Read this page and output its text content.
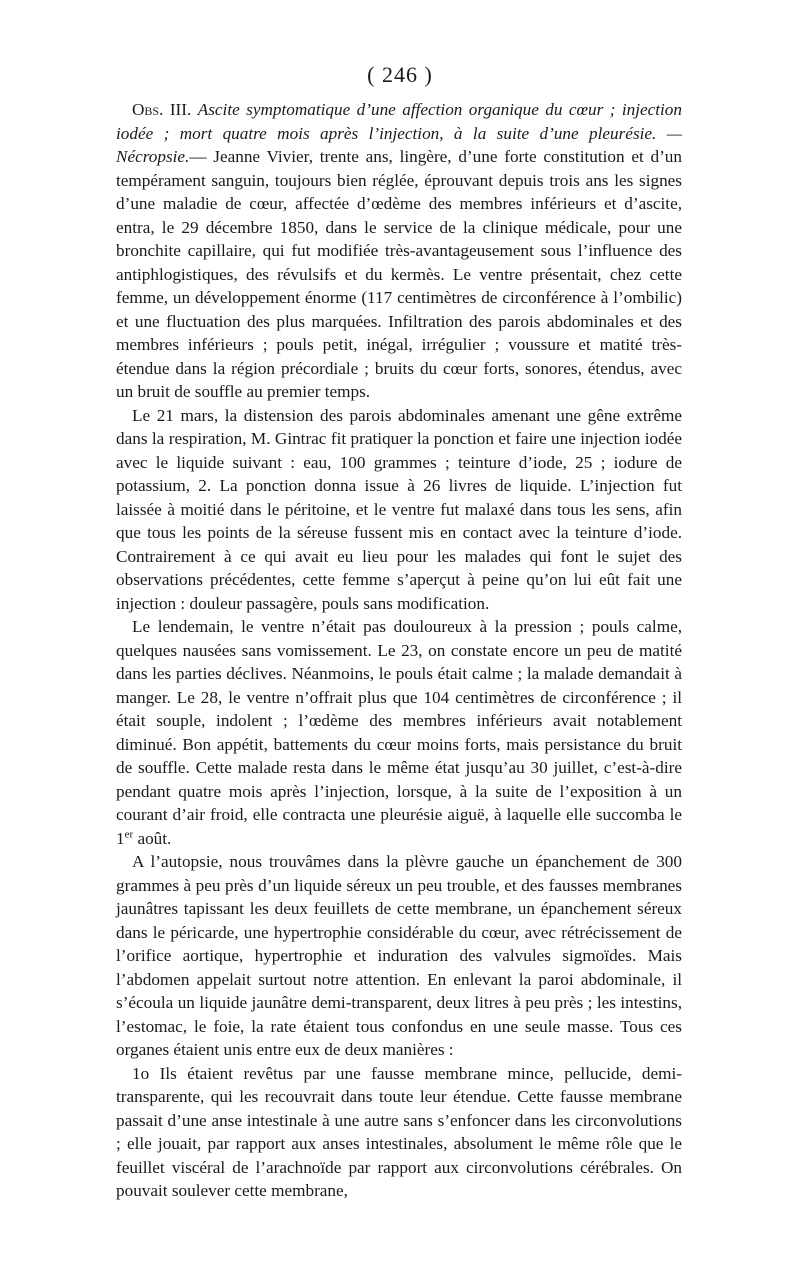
( 246 )

Obs. III. Ascite symptomatique d’une affection organique du cœur ; injection iodée ; mort quatre mois après l’injection, à la suite d’une pleurésie. — Nécropsie.— Jeanne Vivier, trente ans, lingère, d’une forte constitution et d’un tempérament sanguin, toujours bien réglée, éprouvant depuis trois ans les signes d’une maladie de cœur, affectée d’œdème des membres inférieurs et d’ascite, entra, le 29 décembre 1850, dans le service de la clinique médicale, pour une bronchite capillaire, qui fut modifiée très-avantageusement sous l’influence des antiphlogistiques, des révulsifs et du kermès. Le ventre présentait, chez cette femme, un développement énorme (117 centimètres de circonférence à l’ombilic) et une fluctuation des plus marquées. Infiltration des parois abdominales et des membres inférieurs ; pouls petit, inégal, irrégulier ; voussure et matité très-étendue dans la région précordiale ; bruits du cœur forts, sonores, étendus, avec un bruit de souffle au premier temps.

Le 21 mars, la distension des parois abdominales amenant une gêne extrême dans la respiration, M. Gintrac fit pratiquer la ponction et faire une injection iodée avec le liquide suivant : eau, 100 grammes ; teinture d’iode, 25 ; iodure de potassium, 2. La ponction donna issue à 26 livres de liquide. L’injection fut laissée à moitié dans le péritoine, et le ventre fut malaxé dans tous les sens, afin que tous les points de la séreuse fussent mis en contact avec la teinture d’iode. Contrairement à ce qui avait eu lieu pour les malades qui font le sujet des observations précédentes, cette femme s’aperçut à peine qu’on lui eût fait une injection : douleur passagère, pouls sans modification.

Le lendemain, le ventre n’était pas douloureux à la pression ; pouls calme, quelques nausées sans vomissement. Le 23, on constate encore un peu de matité dans les parties déclives. Néanmoins, le pouls était calme ; la malade demandait à manger. Le 28, le ventre n’offrait plus que 104 centimètres de circonférence ; il était souple, indolent ; l’œdème des membres inférieurs avait notablement diminué. Bon appétit, battements du cœur moins forts, mais persistance du bruit de souffle. Cette malade resta dans le même état jusqu’au 30 juillet, c’est-à-dire pendant quatre mois après l’injection, lorsque, à la suite de l’exposition à un courant d’air froid, elle contracta une pleurésie aiguë, à laquelle elle succomba le 1er août.

A l’autopsie, nous trouvâmes dans la plèvre gauche un épanchement de 300 grammes à peu près d’un liquide séreux un peu trouble, et des fausses membranes jaunâtres tapissant les deux feuillets de cette membrane, un épanchement séreux dans le péricarde, une hypertrophie considérable du cœur, avec rétrécissement de l’orifice aortique, hypertrophie et induration des valvules sigmoïdes. Mais l’abdomen appelait surtout notre attention. En enlevant la paroi abdominale, il s’écoula un liquide jaunâtre demi-transparent, deux litres à peu près ; les intestins, l’estomac, le foie, la rate étaient tous confondus en une seule masse. Tous ces organes étaient unis entre eux de deux manières :

1o Ils étaient revêtus par une fausse membrane mince, pellucide, demi-transparente, qui les recouvrait dans toute leur étendue. Cette fausse membrane passait d’une anse intestinale à une autre sans s’enfoncer dans les circonvolutions ; elle jouait, par rapport aux anses intestinales, absolument le même rôle que le feuillet viscéral de l’arachnoïde par rapport aux circonvolutions cérébrales. On pouvait soulever cette membrane,
